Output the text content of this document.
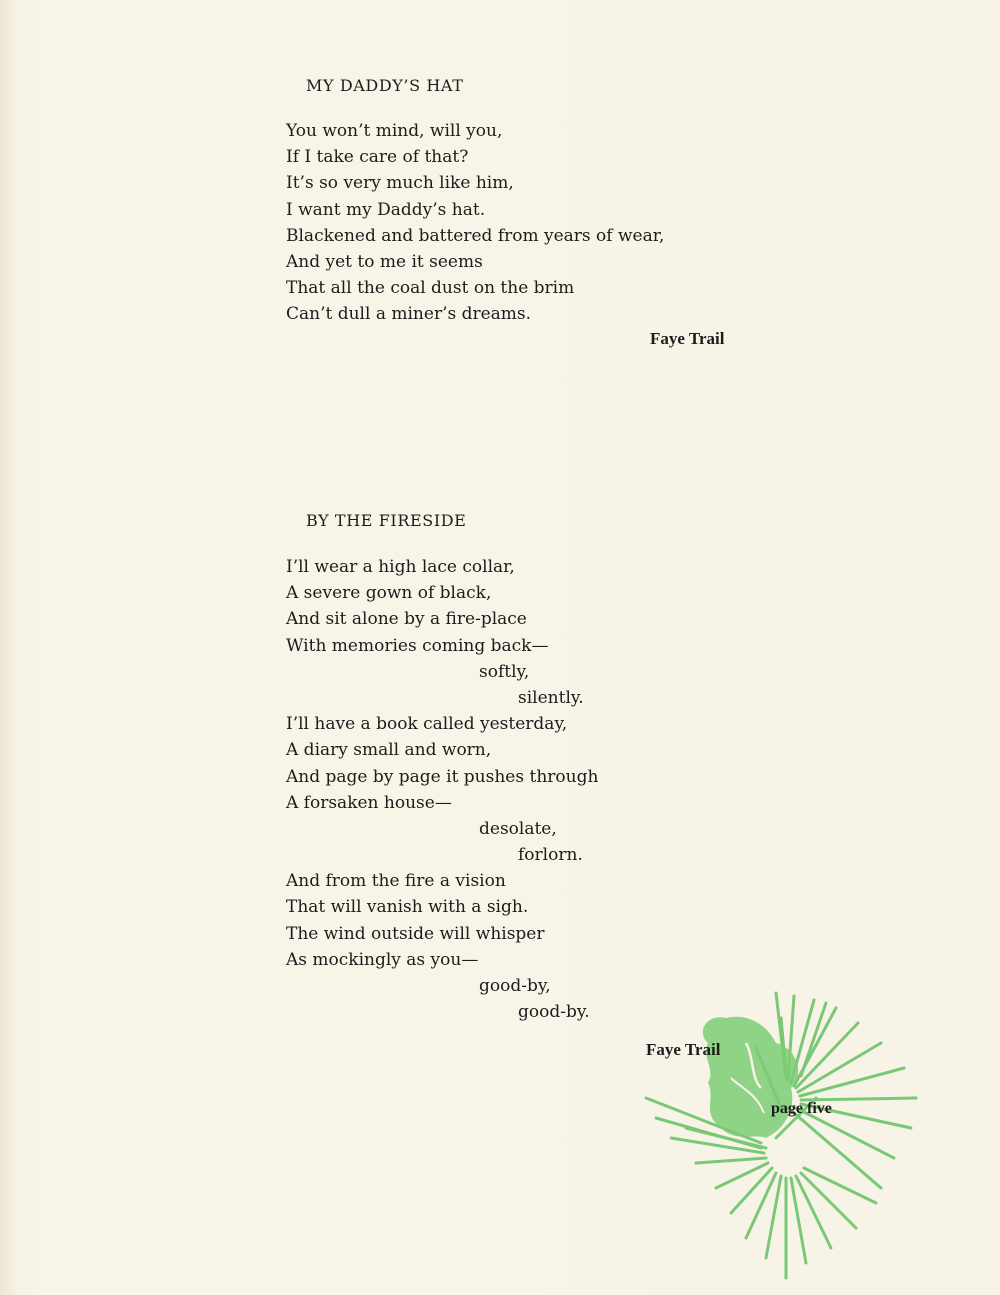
MY DADDY’S HAT
You won’t mind, will you,
If I take care of that?
It’s so very much like him,
I want my Daddy’s hat.
Blackened and battered from years of wear,
And yet to me it seems
That all the coal dust on the brim
Can’t dull a miner’s dreams.
Faye Trail
BY THE FIRESIDE
I’ll wear a high lace collar,
A severe gown of black,
And sit alone by a fire-place
With memories coming back—
softly,
silently.
I’ll have a book called yesterday,
A diary small and worn,
And page by page it pushes through
A forsaken house—
desolate,
forlorn.
And from the fire a vision
That will vanish with a sigh.
The wind outside will whisper
As mockingly as you—
good-by,
good-by.
Faye Trail
page five
